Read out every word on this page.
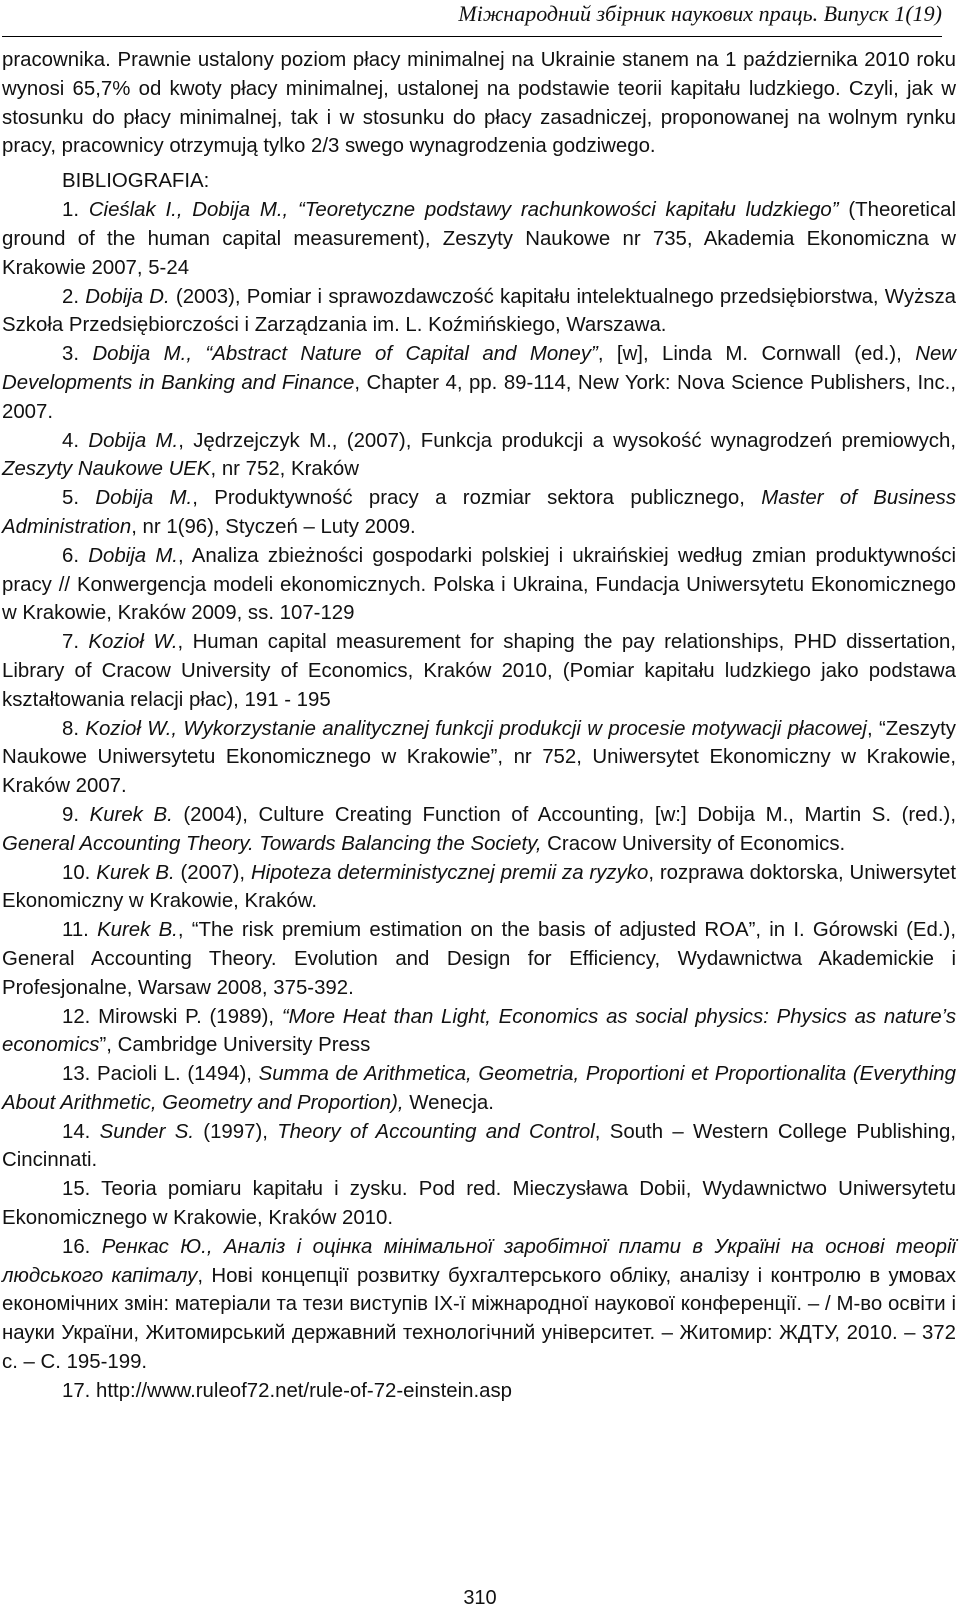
Міжнародний збірник наукових праць. Випуск 1(19)

pracownika. Prawnie ustalony poziom płacy minimalnej na Ukrainie stanem na 1 października 2010 roku wynosi 65,7% od kwoty płacy minimalnej, ustalonej na podstawie teorii kapitału ludzkiego. Czyli, jak w stosunku do płacy minimalnej, tak i w stosunku do płacy zasadniczej, proponowanej na wolnym rynku pracy, pracownicy otrzymują tylko 2/3 swego wynagrodzenia godziwego.

BIBLIOGRAFIA:

1. Cieślak I., Dobija M., “Teoretyczne podstawy rachunkowości kapitału ludzkiego” (Theoretical ground of the human capital measurement), Zeszyty Naukowe nr 735, Akademia Ekonomiczna w Krakowie 2007, 5-24

2. Dobija D. (2003), Pomiar i sprawozdawczość kapitału intelektualnego przedsiębiorstwa, Wyższa Szkoła Przedsiębiorczości i Zarządzania im. L. Koźmińskiego, Warszawa.

3. Dobija M., “Abstract Nature of Capital and Money”, [w], Linda M. Cornwall (ed.), New Developments in Banking and Finance, Chapter 4, pp. 89-114, New York: Nova Science Publishers, Inc., 2007.

4. Dobija M., Jędrzejczyk M., (2007), Funkcja produkcji a wysokość wynagrodzeń premiowych, Zeszyty Naukowe UEK, nr 752, Kraków

5. Dobija M., Produktywność pracy a rozmiar sektora publicznego, Master of Business Administration, nr 1(96), Styczeń – Luty 2009.

6. Dobija M., Analiza zbieżności gospodarki polskiej i ukraińskiej według zmian produktywności pracy // Konwergencja modeli ekonomicznych. Polska i Ukraina, Fundacja Uniwersytetu Ekonomicznego w Krakowie, Kraków 2009, ss. 107-129

7. Kozioł W., Human capital measurement for shaping the pay relationships, PHD dissertation, Library of Cracow University of Economics, Kraków 2010, (Pomiar kapitału ludzkiego jako podstawa kształtowania relacji płac), 191 - 195

8. Kozioł W., Wykorzystanie analitycznej funkcji produkcji w procesie motywacji płacowej, “Zeszyty Naukowe Uniwersytetu Ekonomicznego w Krakowie”, nr 752, Uniwersytet Ekonomiczny w Krakowie, Kraków 2007.

9. Kurek B. (2004), Culture Creating Function of Accounting, [w:] Dobija M., Martin S. (red.), General Accounting Theory. Towards Balancing the Society, Cracow University of Economics.

10. Kurek B. (2007), Hipoteza deterministycznej premii za ryzyko, rozprawa doktorska, Uniwersytet Ekonomiczny w Krakowie, Kraków.

11. Kurek B., “The risk premium estimation on the basis of adjusted ROA”, in I. Górowski (Ed.), General Accounting Theory. Evolution and Design for Efficiency, Wydawnictwa Akademickie i Profesjonalne, Warsaw 2008, 375-392.

12. Mirowski P. (1989), “More Heat than Light, Economics as social physics: Physics as nature’s economics”, Cambridge University Press

13. Pacioli L. (1494), Summa de Arithmetica, Geometria, Proportioni et Proportionalita (Everything About Arithmetic, Geometry and Proportion), Wenecja.

14. Sunder S. (1997), Theory of Accounting and Control, South – Western College Publishing, Cincinnati.

15. Teoria pomiaru kapitału i zysku. Pod red. Mieczysława Dobii, Wydawnictwo Uniwersytetu Ekonomicznego w Krakowie, Kraków 2010.

16. Ренкас Ю., Аналіз і оцінка мінімальної заробітної плати в Україні на основі теорії людського капіталу, Нові концепції розвитку бухгалтерського обліку, аналізу і контролю в умовах економічних змін: матеріали та тези виступів ІХ-ї міжнародної наукової конференції. – / М-во освіти і науки України, Житомирський державний технологічний університет. – Житомир: ЖДТУ, 2010. – 372 с. – С. 195-199.

17. http://www.ruleof72.net/rule-of-72-einstein.asp

310
